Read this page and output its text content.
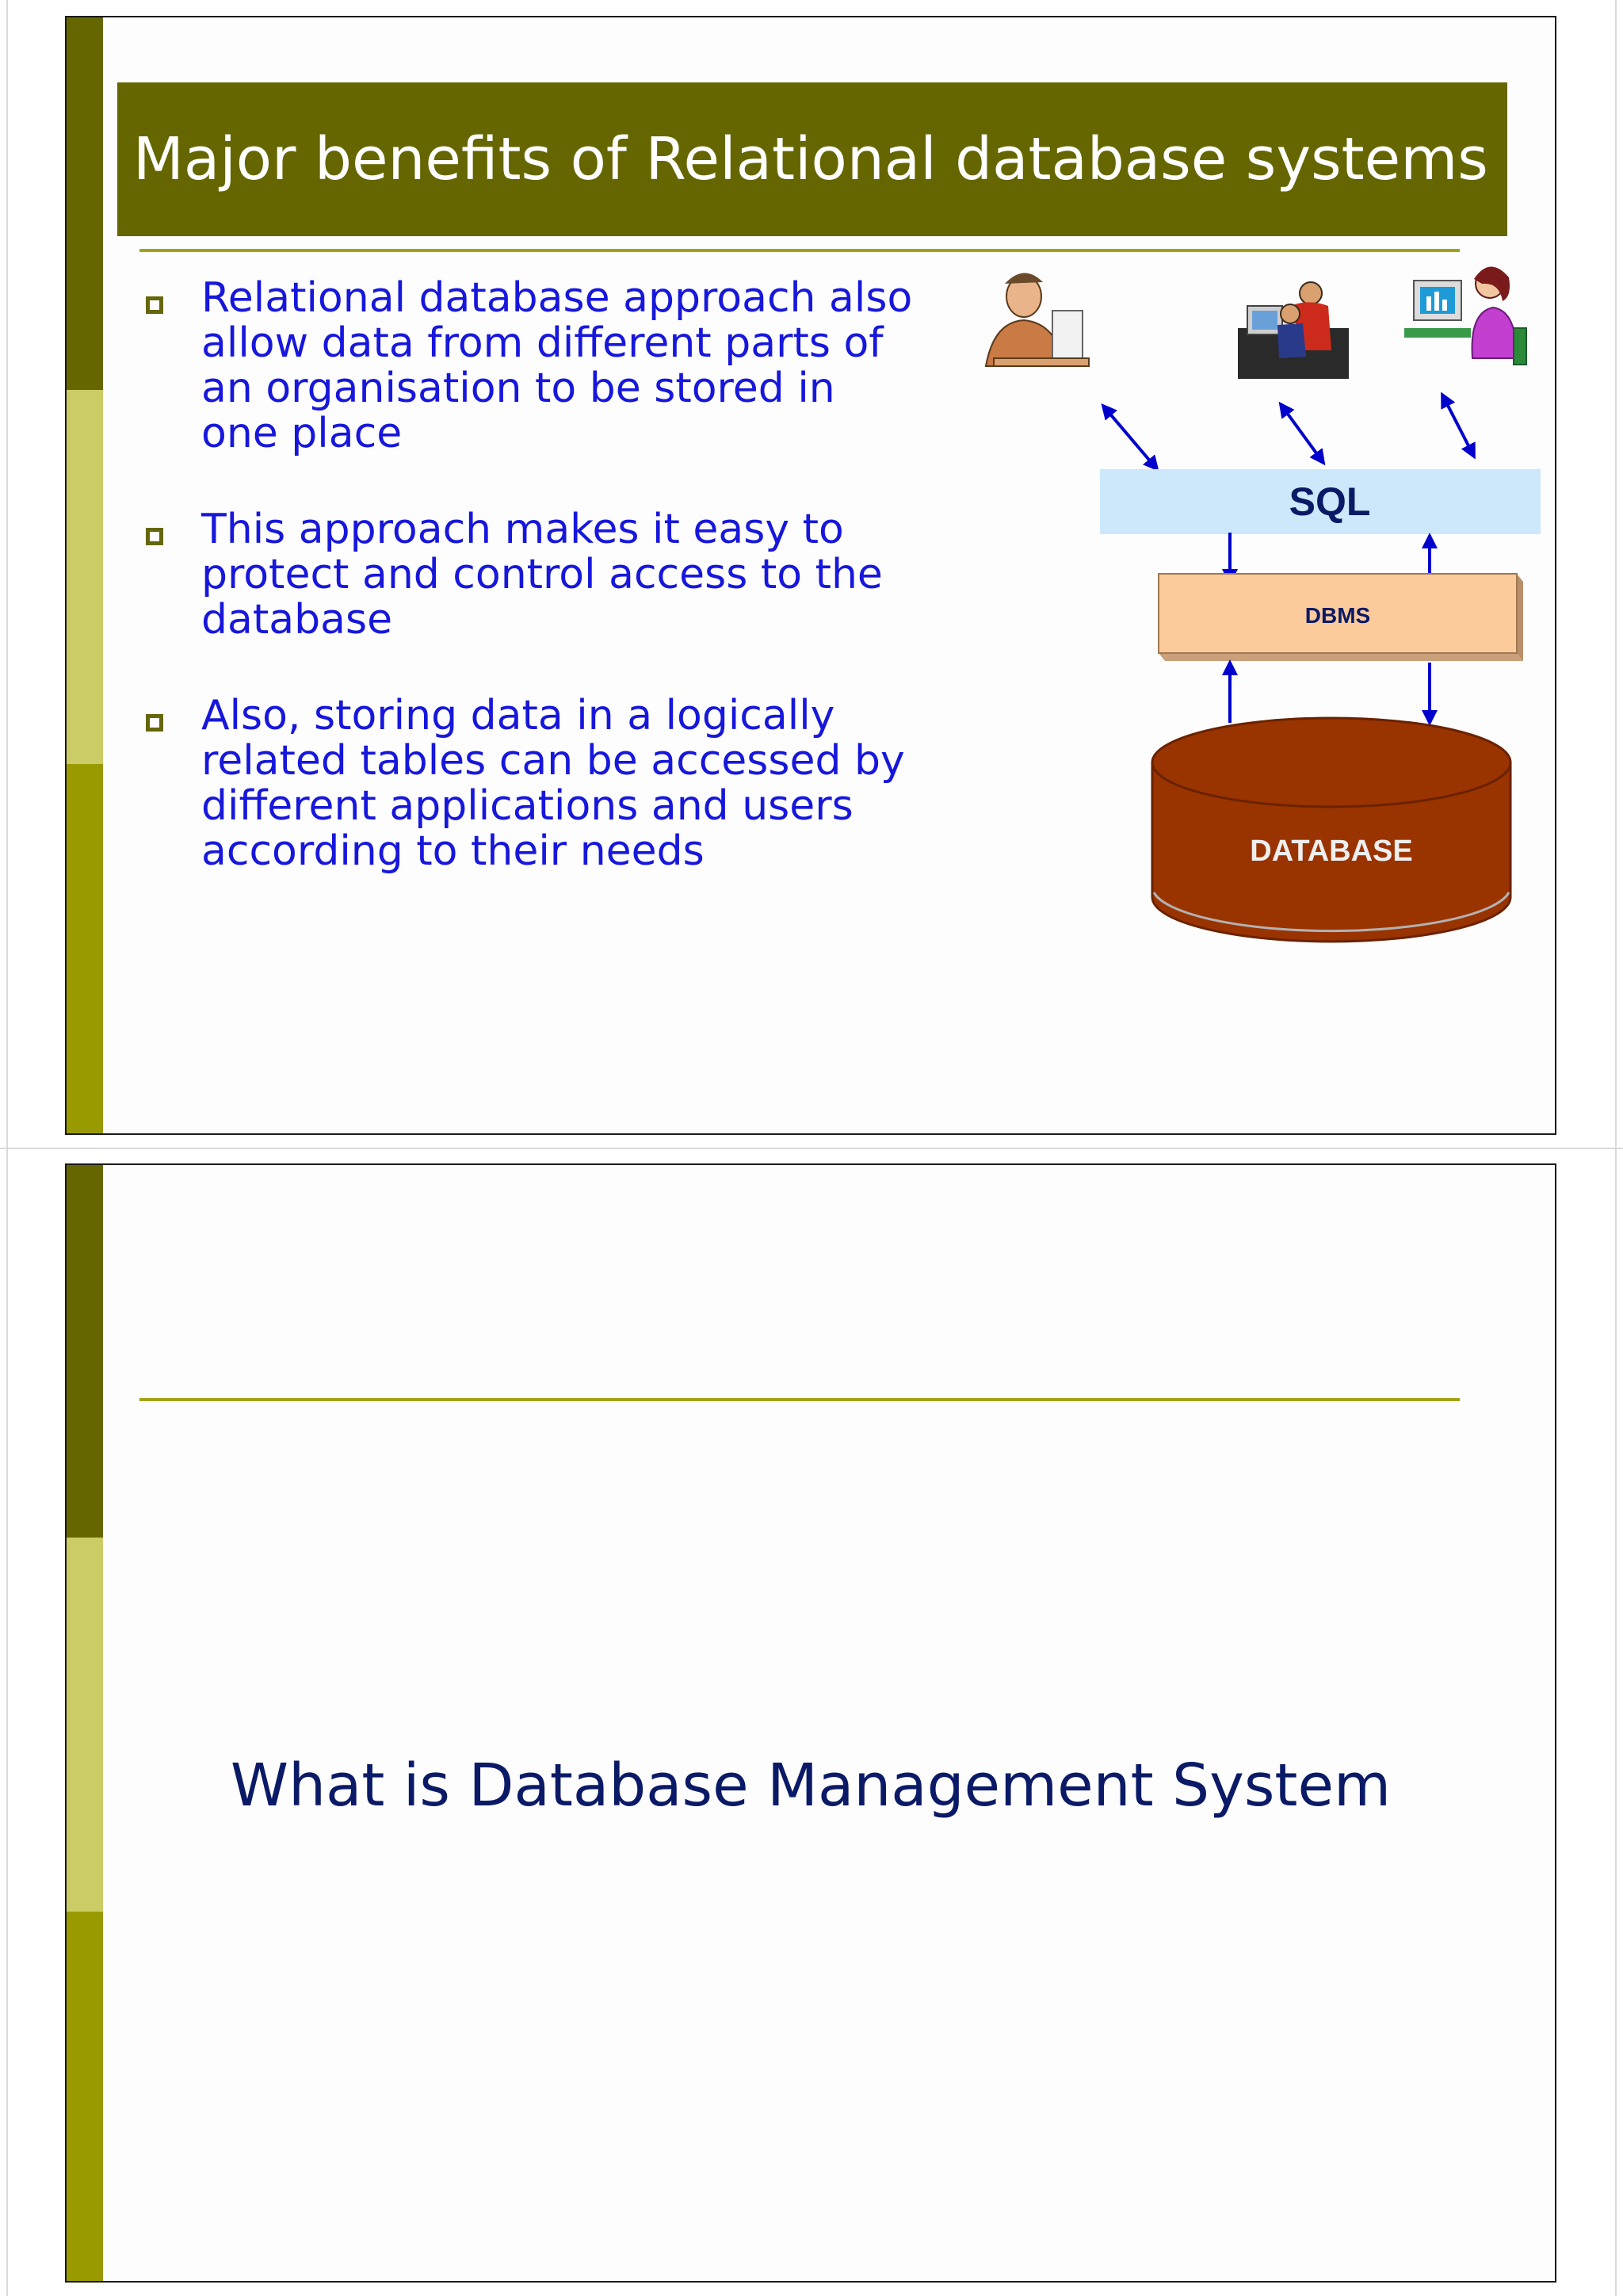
Major benefits of Relational database systems
Relational database approach also
allow data from different parts of
an organisation to be stored in
one place
This approach makes it easy to
protect and control access to the
database
Also, storing data in a logically
related tables can be accessed by
different applications and users
according to their needs
SQL
DBMS
DATABASE
What is Database Management System
